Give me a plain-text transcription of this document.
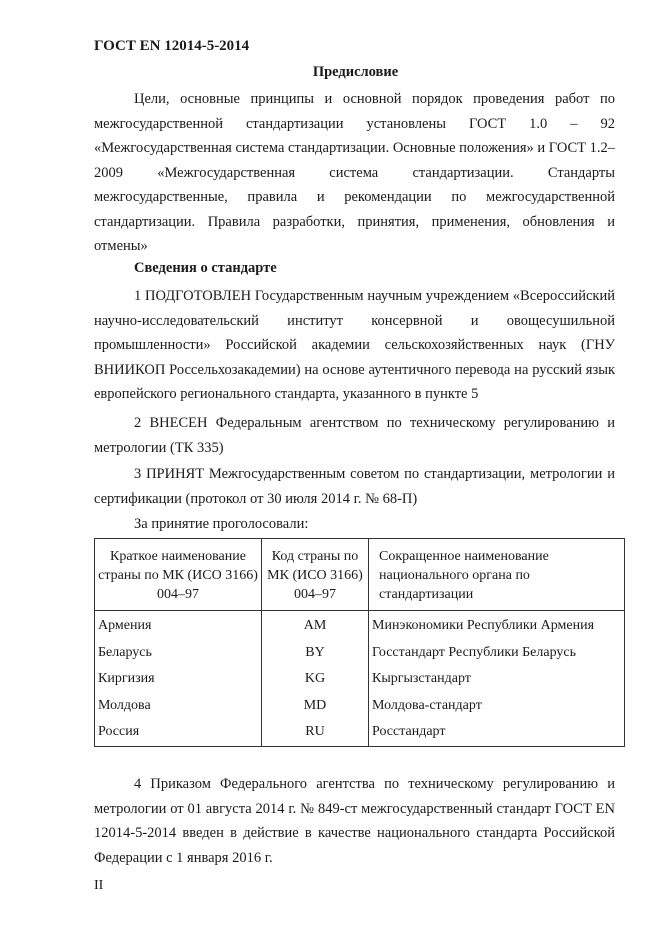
ГОСТ EN 12014-5-2014
Предисловие

Цели, основные принципы и основной порядок проведения работ по межгосударственной стандартизации установлены ГОСТ 1.0 – 92 «Межгосударственная система стандартизации. Основные положения» и ГОСТ 1.2–2009 «Межгосударственная система стандартизации. Стандарты межгосударственные, правила и рекомендации по межгосударственной стандартизации. Правила разработки, принятия, применения, обновления и отмены»

Сведения о стандарте

1 ПОДГОТОВЛЕН Государственным научным учреждением «Всероссийский научно-исследовательский институт консервной и овощесушильной промышленности» Российской академии сельскохозяйственных наук (ГНУ ВНИИКОП Россельхозакадемии) на основе аутентичного перевода на русский язык европейского регионального стандарта, указанного в пункте 5

2 ВНЕСЕН Федеральным агентством по техническому регулированию и метрологии (ТК 335)

3 ПРИНЯТ Межгосударственным советом по стандартизации, метрологии и сертификации (протокол от 30 июля 2014 г. № 68-П)

За принятие проголосовали:
Краткое наименование страны по МК (ИСО 3166) 004–97	Код страны по МК (ИСО 3166) 004–97	Сокращенное наименование национального органа по стандартизации
Армения	AM	Минэкономики Республики Армения
Беларусь	BY	Госстандарт Республики Беларусь
Киргизия	KG	Кыргызстандарт
Молдова	MD	Молдова-стандарт
Россия	RU	Росстандарт

4 Приказом Федерального агентства по техническому регулированию и метрологии от 01 августа 2014 г. № 849-ст межгосударственный стандарт ГОСТ EN 12014-5-2014 введен в действие в качестве национального стандарта Российской Федерации с 1 января 2016 г.

II
